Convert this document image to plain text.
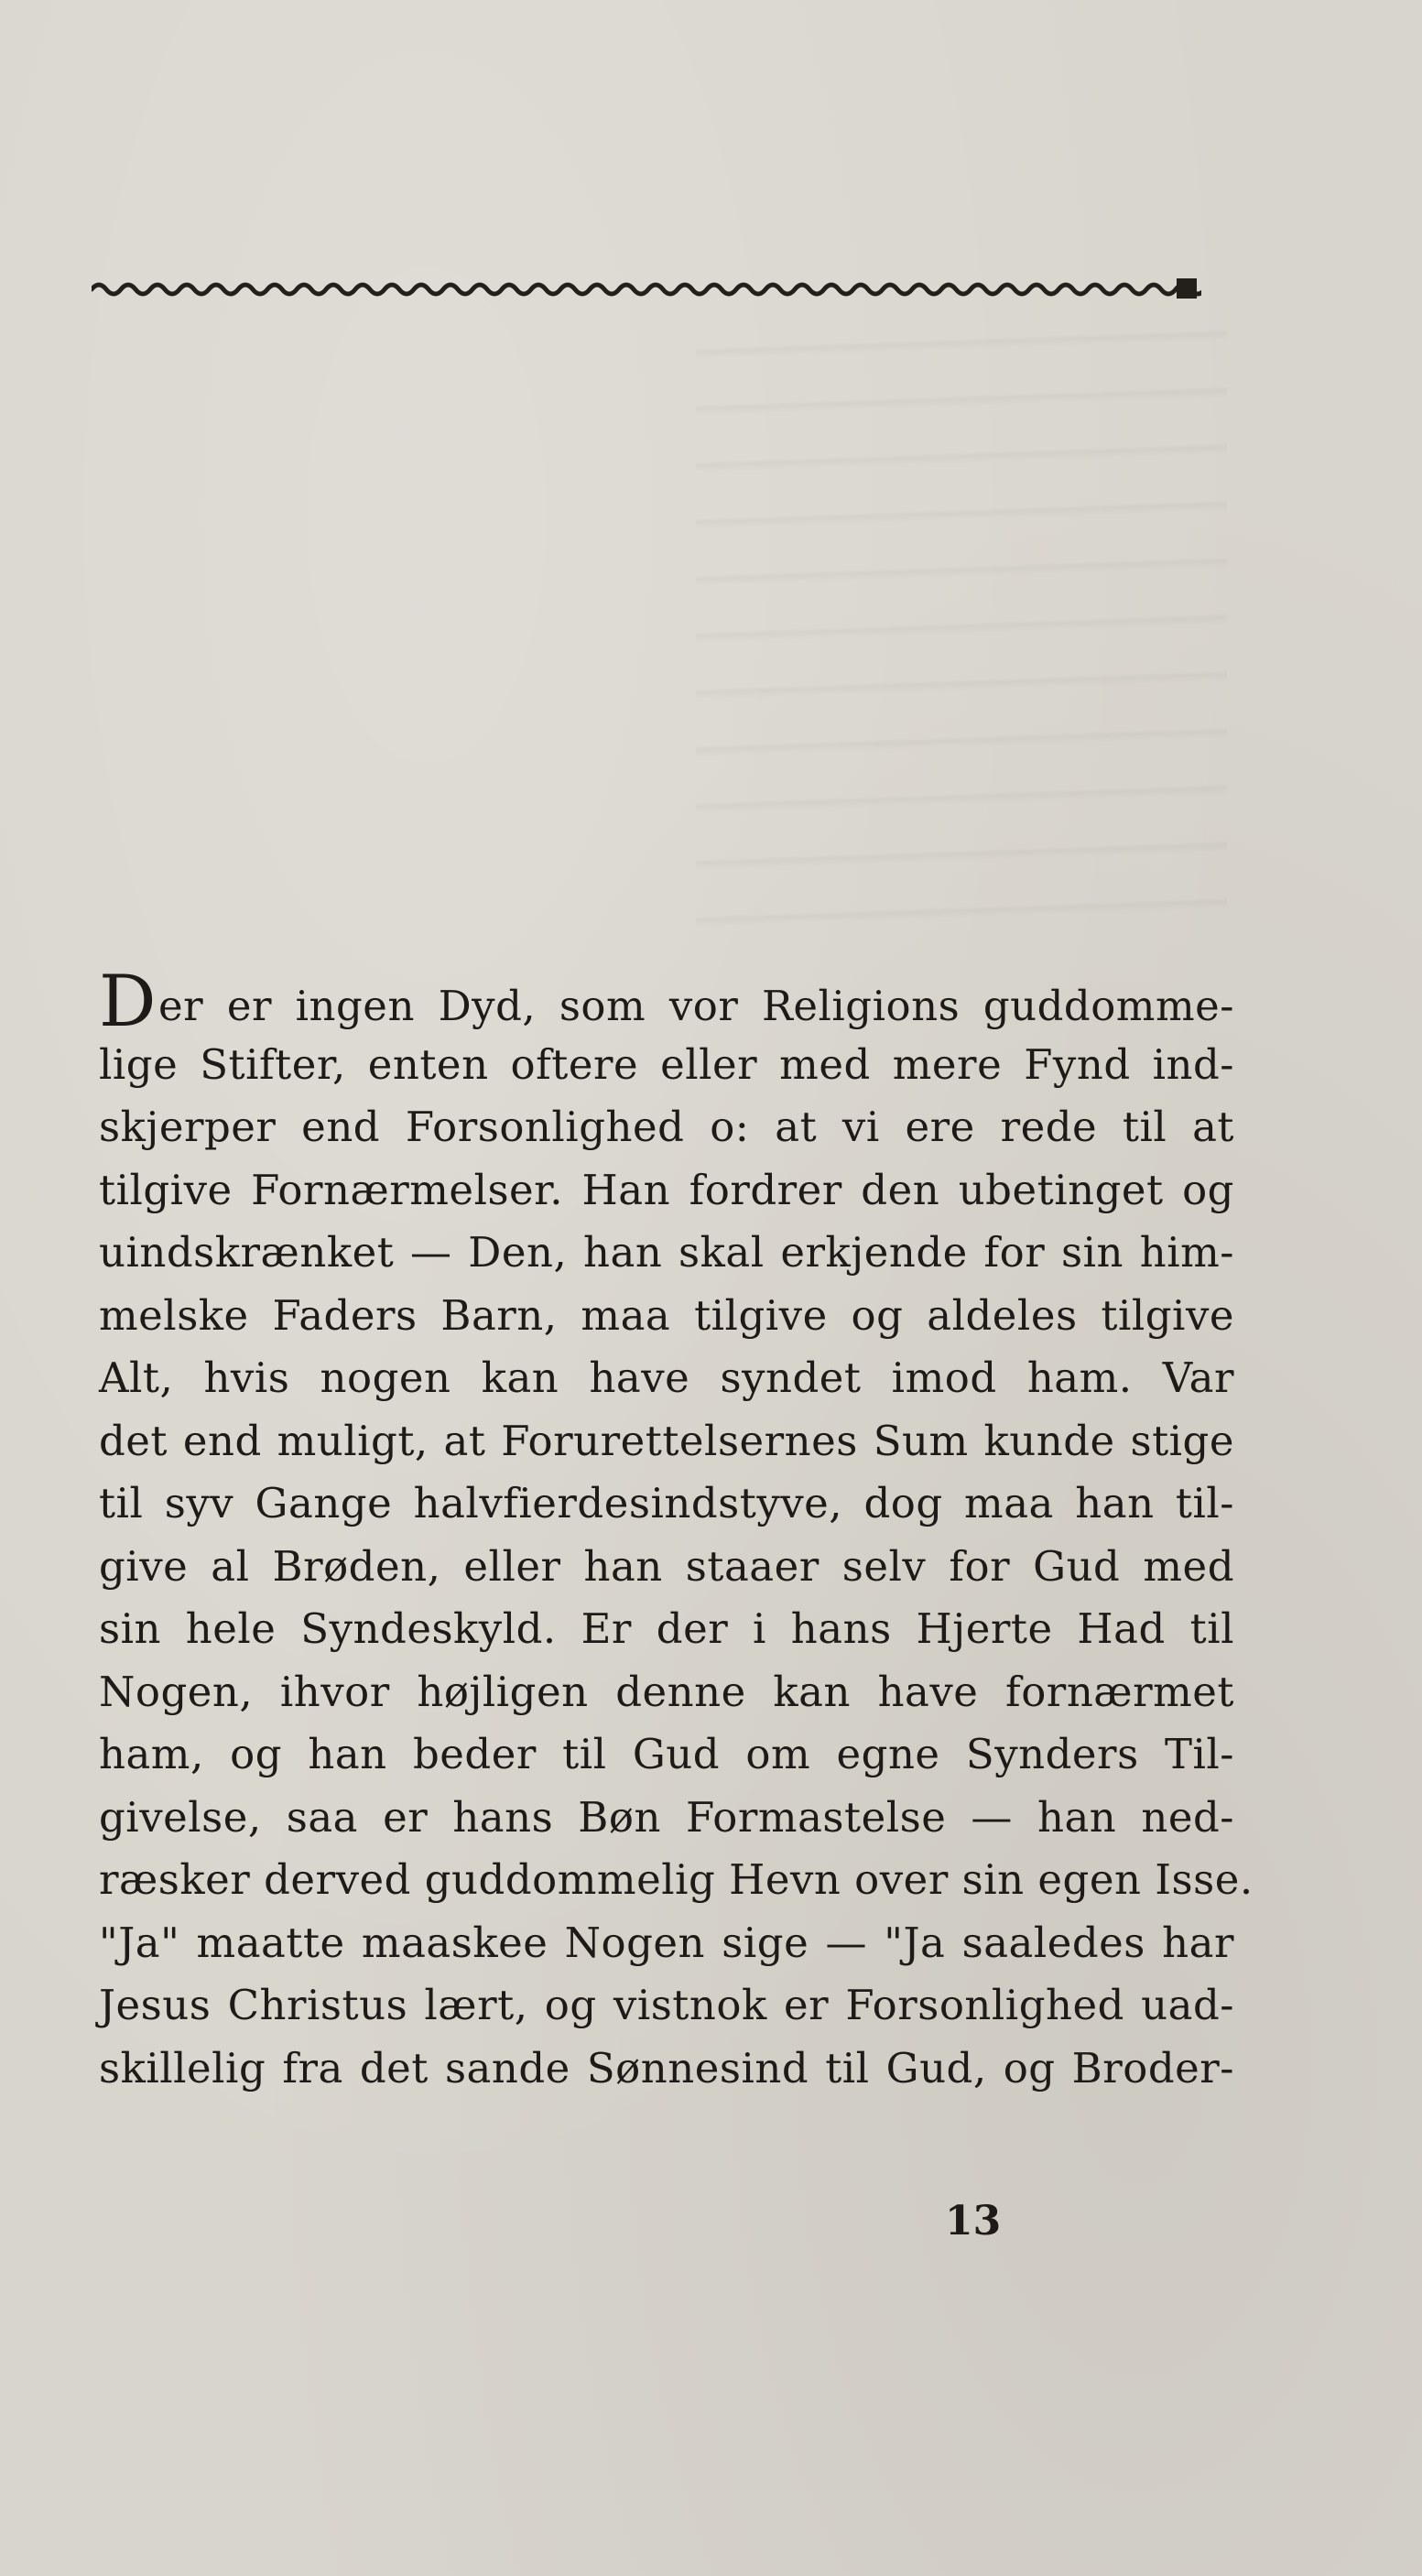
Der er ingen Dyd, som vor Religions guddomme-
lige Stifter, enten oftere eller med mere Fynd ind-
skjerper end Forsonlighed o: at vi ere rede til at
tilgive Fornærmelser. Han fordrer den ubetinget og
uindskrænket — Den, han skal erkjende for sin him-
melske Faders Barn, maa tilgive og aldeles tilgive
Alt, hvis nogen kan have syndet imod ham. Var
det end muligt, at Forurettelsernes Sum kunde stige
til syv Gange halvfierdesindstyve, dog maa han til-
give al Brøden, eller han staaer selv for Gud med
sin hele Syndeskyld. Er der i hans Hjerte Had til
Nogen, ihvor højligen denne kan have fornærmet
ham, og han beder til Gud om egne Synders Til-
givelse, saa er hans Bøn Formastelse — han ned-
ræsker derved guddommelig Hevn over sin egen Isse.
"Ja" maatte maaskee Nogen sige — "Ja saaledes har
Jesus Christus lært, og vistnok er Forsonlighed uad-
skillelig fra det sande Sønnesind til Gud, og Broder-
13
